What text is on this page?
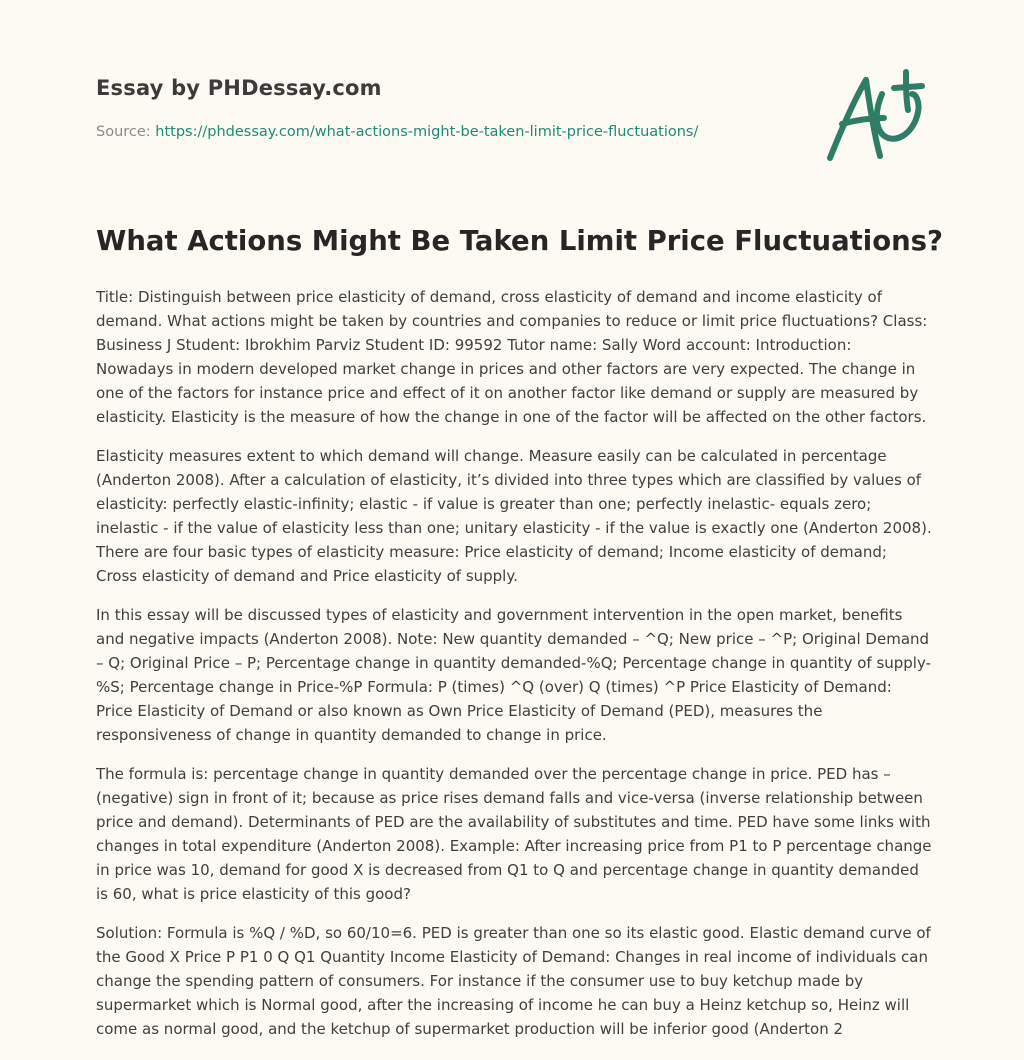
Essay by PHDessay.com
Source: https://phdessay.com/what-actions-might-be-taken-limit-price-fluctuations/
What Actions Might Be Taken Limit Price Fluctuations?

Title: Distinguish between price elasticity of demand, cross elasticity of demand and income elasticity of demand. What actions might be taken by countries and companies to reduce or limit price fluctuations? Class: Business J Student: Ibrokhim Parviz Student ID: 99592 Tutor name: Sally Word account: Introduction: Nowadays in modern developed market change in prices and other factors are very expected. The change in one of the factors for instance price and effect of it on another factor like demand or supply are measured by elasticity. Elasticity is the measure of how the change in one of the factor will be affected on the other factors.

Elasticity measures extent to which demand will change. Measure easily can be calculated in percentage (Anderton 2008). After a calculation of elasticity, it’s divided into three types which are classified by values of elasticity: perfectly elastic-infinity; elastic - if value is greater than one; perfectly inelastic- equals zero; inelastic - if the value of elasticity less than one; unitary elasticity - if the value is exactly one (Anderton 2008). There are four basic types of elasticity measure: Price elasticity of demand; Income elasticity of demand; Cross elasticity of demand and Price elasticity of supply.

In this essay will be discussed types of elasticity and government intervention in the open market, benefits and negative impacts (Anderton 2008). Note: New quantity demanded – ^Q; New price – ^P; Original Demand – Q; Original Price – P; Percentage change in quantity demanded-%Q; Percentage change in quantity of supply-%S; Percentage change in Price-%P Formula: P (times) ^Q (over) Q (times) ^P Price Elasticity of Demand: Price Elasticity of Demand or also known as Own Price Elasticity of Demand (PED), measures the responsiveness of change in quantity demanded to change in price.

The formula is: percentage change in quantity demanded over the percentage change in price. PED has – (negative) sign in front of it; because as price rises demand falls and vice-versa (inverse relationship between price and demand). Determinants of PED are the availability of substitutes and time. PED have some links with changes in total expenditure (Anderton 2008). Example: After increasing price from P1 to P percentage change in price was 10, demand for good X is decreased from Q1 to Q and percentage change in quantity demanded is 60, what is price elasticity of this good?

Solution: Formula is %Q / %D, so 60/10=6. PED is greater than one so its elastic good. Elastic demand curve of the Good X Price P P1 0 Q Q1 Quantity Income Elasticity of Demand: Changes in real income of individuals can change the spending pattern of consumers. For instance if the consumer use to buy ketchup made by supermarket which is Normal good, after the increasing of income he can buy a Heinz ketchup so, Heinz will come as normal good, and the ketchup of supermarket production will be inferior good (Anderton 2
